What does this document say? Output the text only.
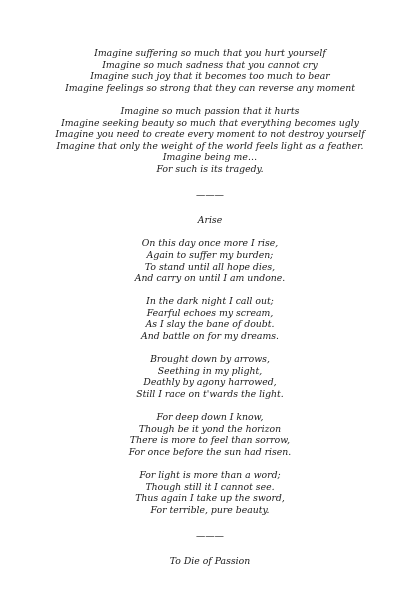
Imagine suffering so much that you hurt yourself
Imagine so much sadness that you cannot cry
Imagine such joy that it becomes too much to bear
Imagine feelings so strong that they can reverse any moment
Imagine so much passion that it hurts
Imagine seeking beauty so much that everything becomes ugly
Imagine you need to create every moment to not destroy yourself
Imagine that only the weight of the world feels light as a feather.
Imagine being me…
For such is its tragedy.
———
Arise
On this day once more I rise,
Again to suffer my burden;
To stand until all hope dies,
And carry on until I am undone.
In the dark night I call out;
Fearful echoes my scream,
As I slay the bane of doubt.
And battle on for my dreams.
Brought down by arrows,
Seething in my plight,
Deathly by agony harrowed,
Still I race on t'wards the light.
For deep down I know,
Though be it yond the horizon
There is more to feel than sorrow,
For once before the sun had risen.
For light is more than a word;
Though still it I cannot see.
Thus again I take up the sword,
For terrible, pure beauty.
———
To Die of Passion
